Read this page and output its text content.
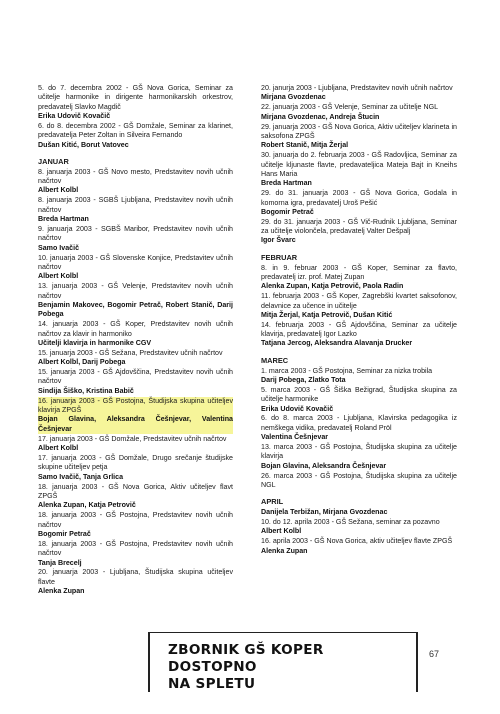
5. do 7. decembra 2002 - GŠ Nova Gorica, Seminar za učitelje harmonike in dirigente harmonikarskih orkestrov, predavatelj Slavko Magdič
Erika Udovič Kovačič
6. do 8. decembra 2002 - GŠ Domžale, Seminar za klarinet, predavatelja Peter Zoltan in Silveira Fernando
Dušan Kitić, Borut Vatovec
JANUAR
8. januarja 2003 - GŠ Novo mesto, Predstavitev novih učnih načrtov
Albert Kolbl
8. januarja 2003 - SGBŠ Ljubljana, Predstavitev novih učnih načrtov
Breda Hartman
9. januarja 2003 - SGBŠ Maribor, Predstavitev novih učnih načrtov
Samo Ivačič
10. januarja 2003 - GŠ Slovenske Konjice, Predstavitev učnih načrtov
Albert Kolbl
13. januarja 2003 - GŠ Velenje, Predstavitev novih učnih načrtov
Benjamin Makovec, Bogomir Petrač, Robert Stanič, Darij Pobega
14. januarja 2003 - GŠ Koper, Predstavitev novih učnih načrtov za klavir in harmoniko
Učitelji klavirja in harmonike CGV
15. januarja 2003 - GŠ Sežana, Predstavitev učnih načrtov
Albert Kolbl, Darij Pobega
15. januarja 2003 - GŠ Ajdovščina, Predstavitev novih učnih načrtov
Sindija Šiško, Kristina Babič
16. januarja 2003 - GŠ Postojna, Študijska skupina učiteljev klavirja ZPGŠ
Bojan Glavina, Aleksandra Češnjevar, Valentina Češnjevar
17. januarja 2003 - GŠ Domžale, Predstavitev učnih načrtov
Albert Kolbl
17. januarja 2003 - GŠ Domžale, Drugo srečanje študijske skupine učiteljev petja
Samo Ivačič, Tanja Grlica
18. januarja 2003 - GŠ Nova Gorica, Aktiv učiteljev flavt ZPGŠ
Alenka Zupan, Katja Petrovič
18. januarja 2003 - GŠ Postojna, Predstavitev novih učnih načrtov
Bogomir Petrač
18. januarja 2003 - GŠ Postojna, Predstavitev novih učnih načrtov
Tanja Brecelj
20. januarja 2003 - Ljubljana, Študijska skupina učiteljev flavte
Alenka Zupan
20. janurja 2003 - Ljubljana, Predstavitev novih učnih načrtov
Mirjana Gvozdenac
22. januarja 2003 - GŠ Velenje, Seminar za učitelje NGL
Mirjana Gvozdenac, Andreja Štucin
29. januarja 2003 - GŠ Nova Gorica, Aktiv učiteljev klarineta in saksofona ZPGŠ
Robert Stanič, Mitja Žerjal
30. januarja do 2. februarja 2003 - GŠ Radovljica, Seminar za učitelje kljunaste flavte, predavateljica Mateja Bajt in Kneihs Hans Maria
Breda Hartman
29. do 31. januarja 2003 - GŠ Nova Gorica, Godala in komorna igra, predavatelj Uroš Pešić
Bogomir Petrač
29. do 31. januarja 2003 - GŠ Vič-Rudnik Ljubljana, Seminar za učitelje violončela, predavatelj Valter Dešpalj
Igor Švarc
FEBRUAR
8. in 9. februar 2003 - GŠ Koper, Seminar za flavto, predavatelj izr. prof. Matej Zupan
Alenka Zupan, Katja Petrovič, Paola Radin
11. februarja 2003 - GŠ Koper, Zagrebški kvartet saksofonov, delavnice za učence in učitelje
Mitja Žerjal, Katja Petrovič, Dušan Kitić
14. februarja 2003 - GŠ Ajdovščina, Seminar za učitelje klavirja, predavatelj Igor Lazko
Tatjana Jercog, Aleksandra Alavanja Drucker
MAREC
1. marca 2003 - GŠ Postojna, Seminar za nizka trobila
Darij Pobega, Zlatko Tota
5. marca 2003 - GŠ Šiška Bežigrad, Študijska skupina za učitelje harmonike
Erika Udovič Kovačič
6. do 8. marca 2003 - Ljubljana, Klavirska pedagogika iz nemškega vidika, predavatelj Roland Pröl
Valentina Češnjevar
13. marca 2003 - GŠ Postojna, Študijska skupina za učitelje klavirja
Bojan Glavina, Aleksandra Češnjevar
26. marca 2003 - GŠ Postojna, Študijska skupina za učitelje NGL
APRIL
Danijela Terbižan, Mirjana Gvozdenac
10. do 12. aprila 2003 - GŠ Sežana, seminar za pozavno
Albert Kolbl
16. aprila 2003 - GŠ Nova Gorica, aktiv učiteljev flavte ZPGŠ
Alenka Zupan
ZBORNIK GŠ KOPER DOSTOPNO
NA SPLETU
67
